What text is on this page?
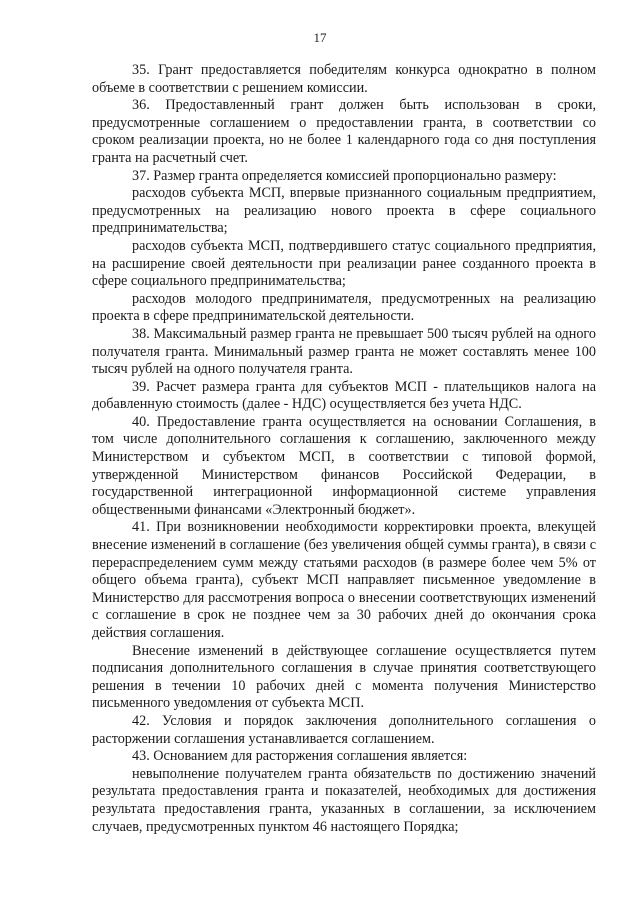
17

35. Грант предоставляется победителям конкурса однократно в полном объеме в соответствии с решением комиссии.

36. Предоставленный грант должен быть использован в сроки, предусмотренные соглашением о предоставлении гранта, в соответствии со сроком реализации проекта, но не более 1 календарного года со дня поступления гранта на расчетный счет.

37. Размер гранта определяется комиссией пропорционально размеру:

расходов субъекта МСП, впервые признанного социальным предприятием, предусмотренных на реализацию нового проекта в сфере социального предпринимательства;

расходов субъекта МСП, подтвердившего статус социального предприятия, на расширение своей деятельности при реализации ранее созданного проекта в сфере социального предпринимательства;

расходов молодого предпринимателя, предусмотренных на реализацию проекта в сфере предпринимательской деятельности.

38. Максимальный размер гранта не превышает 500 тысяч рублей на одного получателя гранта. Минимальный размер гранта не может составлять менее 100 тысяч рублей на одного получателя гранта.

39. Расчет размера гранта для субъектов МСП - плательщиков налога на добавленную стоимость (далее - НДС) осуществляется без учета НДС.

40. Предоставление гранта осуществляется на основании Соглашения, в том числе дополнительного соглашения к соглашению, заключенного между Министерством и субъектом МСП, в соответствии с типовой формой, утвержденной Министерством финансов Российской Федерации, в государственной интеграционной информационной системе управления общественными финансами «Электронный бюджет».

41. При возникновении необходимости корректировки проекта, влекущей внесение изменений в соглашение (без увеличения общей суммы гранта), в связи с перераспределением сумм между статьями расходов (в размере более чем 5% от общего объема гранта), субъект МСП направляет письменное уведомление в Министерство для рассмотрения вопроса о внесении соответствующих изменений с соглашение в срок не позднее чем за 30 рабочих дней до окончания срока действия соглашения.

Внесение изменений в действующее соглашение осуществляется путем подписания дополнительного соглашения в случае принятия соответствующего решения в течении 10 рабочих дней с момента получения Министерство письменного уведомления от субъекта МСП.

42. Условия и порядок заключения дополнительного соглашения о расторжении соглашения устанавливается соглашением.

43. Основанием для расторжения соглашения является:

невыполнение получателем гранта обязательств по достижению значений результата предоставления гранта и показателей, необходимых для достижения результата предоставления гранта, указанных в соглашении, за исключением случаев, предусмотренных пунктом 46 настоящего Порядка;
